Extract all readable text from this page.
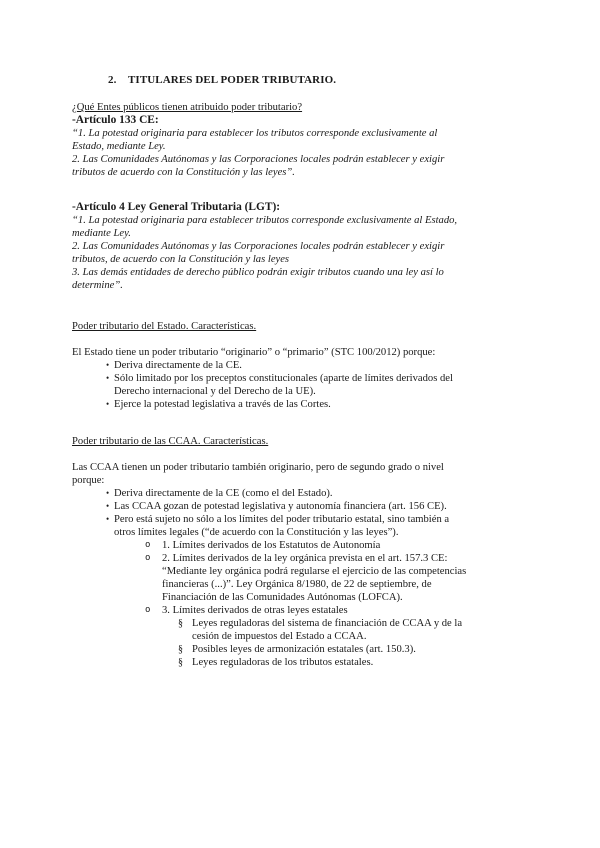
2. TITULARES DEL PODER TRIBUTARIO.

¿Qué Entes públicos tienen atribuido poder tributario?

-Artículo 133 CE:

“1. La potestad originaria para establecer los tributos corresponde exclusivamente al

Estado, mediante Ley.

2. Las Comunidades Autónomas y las Corporaciones locales podrán establecer y exigir

tributos de acuerdo con la Constitución y las leyes”.

-Artículo 4 Ley General Tributaria (LGT):

“1. La potestad originaria para establecer tributos corresponde exclusivamente al Estado,

mediante Ley.

2. Las Comunidades Autónomas y las Corporaciones locales podrán establecer y exigir

tributos, de acuerdo con la Constitución y las leyes

3. Las demás entidades de derecho público podrán exigir tributos cuando una ley así lo

determine”.

Poder tributario del Estado. Características.

El Estado tiene un poder tributario “originario” o “primario” (STC 100/2012) porque:

• Deriva directamente de la CE.
• Sólo limitado por los preceptos constitucionales (aparte de límites derivados del
Derecho internacional y del Derecho de la UE).
• Ejerce la potestad legislativa a través de las Cortes.

Poder tributario de las CCAA. Características.

Las CCAA tienen un poder tributario también originario, pero de segundo grado o nivel
porque:

• Deriva directamente de la CE (como el del Estado).
• Las CCAA gozan de potestad legislativa y autonomía financiera (art. 156 CE).
• Pero está sujeto no sólo a los límites del poder tributario estatal, sino también a
otros límites legales (“de acuerdo con la Constitución y las leyes”).
o 1. Límites derivados de los Estatutos de Autonomía
o 2. Límites derivados de la ley orgánica prevista en el art. 157.3 CE:
“Mediante ley orgánica podrá regularse el ejercicio de las competencias
financieras (...)”. Ley Orgánica 8/1980, de 22 de septiembre, de
Financiación de las Comunidades Autónomas (LOFCA).
o 3. Límites derivados de otras leyes estatales
§ Leyes reguladoras del sistema de financiación de CCAA y de la
cesión de impuestos del Estado a CCAA.
§ Posibles leyes de armonización estatales (art. 150.3).
§ Leyes reguladoras de los tributos estatales.
